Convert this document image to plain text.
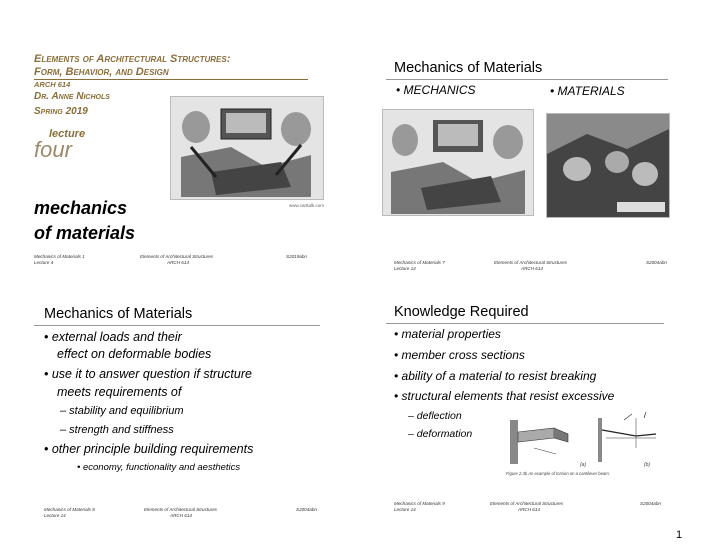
Elements of Architectural Structures:
Form, Behavior, and Design
ARCH 614
Dr. Anne Nichols
Spring 2019
lecture
four
www.carttalk.com
mechanics
of materials
Mechanics of Materials 1
Lecture 4
Elements of Architectural Structures
ARCH 614
S2019abn
Mechanics of Materials
• MECHANICS	• MATERIALS
Mechanics of Materials 7
Lecture 14
Elements of Architectural Structures
ARCH 614
S2004abn
Mechanics of Materials
• external loads and their
effect on deformable bodies
• use it to answer question if structure
meets requirements of
– stability and equilibrium
– strength and stiffness
• other principle building requirements
• economy, functionality and aesthetics
Mechanics of Materials 8
Lecture 14
Elements of Architectural Structures
ARCH 614
S2004abn
Knowledge Required
• material properties
• member cross sections
• ability of a material to resist breaking
• structural elements that resist excessive
– deflection
– deformation
(a)	(b)
Figure 2.3b An example of torsion on a cantilever beam.
Mechanics of Materials 9
Lecture 14
Elements of Architectural Structures
ARCH 614
S2004abn
1
